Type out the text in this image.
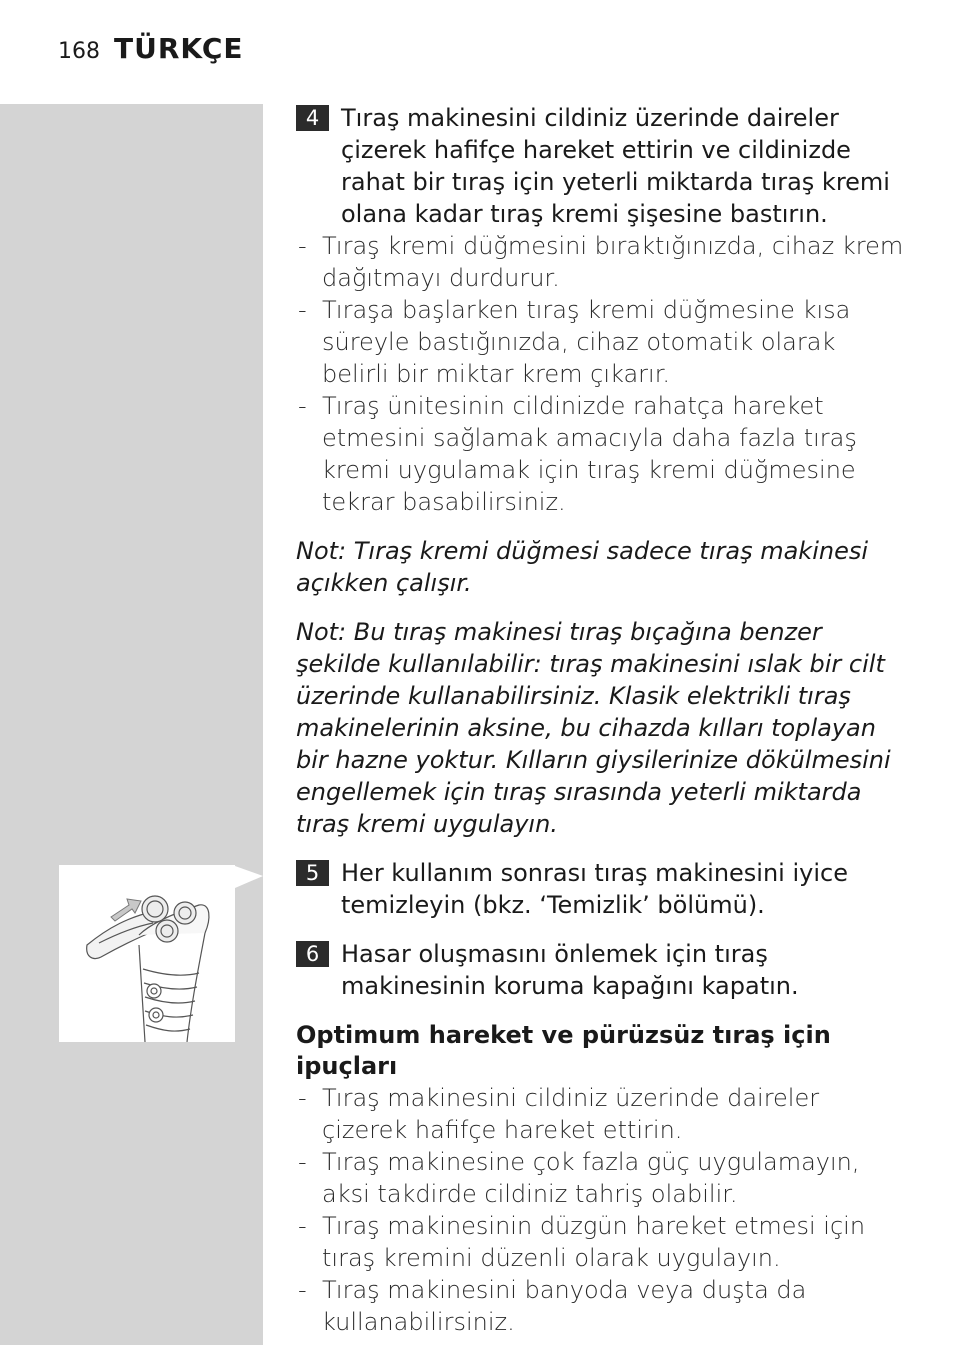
168 TÜRKÇE
4 Tıraş makinesini cildiniz üzerinde daireler çizerek hafifçe hareket ettirin ve cildinizde rahat bir tıraş için yeterli miktarda tıraş kremi olana kadar tıraş kremi şişesine bastırın.
- Tıraş kremi düğmesini bıraktığınızda, cihaz krem dağıtmayı durdurur.
- Tıraşa başlarken tıraş kremi düğmesine kısa süreyle bastığınızda, cihaz otomatik olarak belirli bir miktar krem çıkarır.
- Tıraş ünitesinin cildinizde rahatça hareket etmesini sağlamak amacıyla daha fazla tıraş kremi uygulamak için tıraş kremi düğmesine tekrar basabilirsiniz.

Not: Tıraş kremi düğmesi sadece tıraş makinesi açıkken çalışır.

Not: Bu tıraş makinesi tıraş bıçağına benzer şekilde kullanılabilir: tıraş makinesini ıslak bir cilt üzerinde kullanabilirsiniz. Klasik elektrikli tıraş makinelerinin aksine, bu cihazda kılları toplayan bir hazne yoktur. Kılların giysilerinize dökülmesini engellemek için tıraş sırasında yeterli miktarda tıraş kremi uygulayın.

5 Her kullanım sonrası tıraş makinesini iyice temizleyin (bkz. ‘Temizlik’ bölümü).
6 Hasar oluşmasını önlemek için tıraş makinesinin koruma kapağını kapatın.

Optimum hareket ve pürüzsüz tıraş için ipuçları

- Tıraş makinesini cildiniz üzerinde daireler çizerek hafifçe hareket ettirin.
- Tıraş makinesine çok fazla güç uygulamayın, aksi takdirde cildiniz tahriş olabilir.
- Tıraş makinesinin düzgün hareket etmesi için tıraş kremini düzenli olarak uygulayın.
- Tıraş makinesini banyoda veya duşta da kullanabilirsiniz.
